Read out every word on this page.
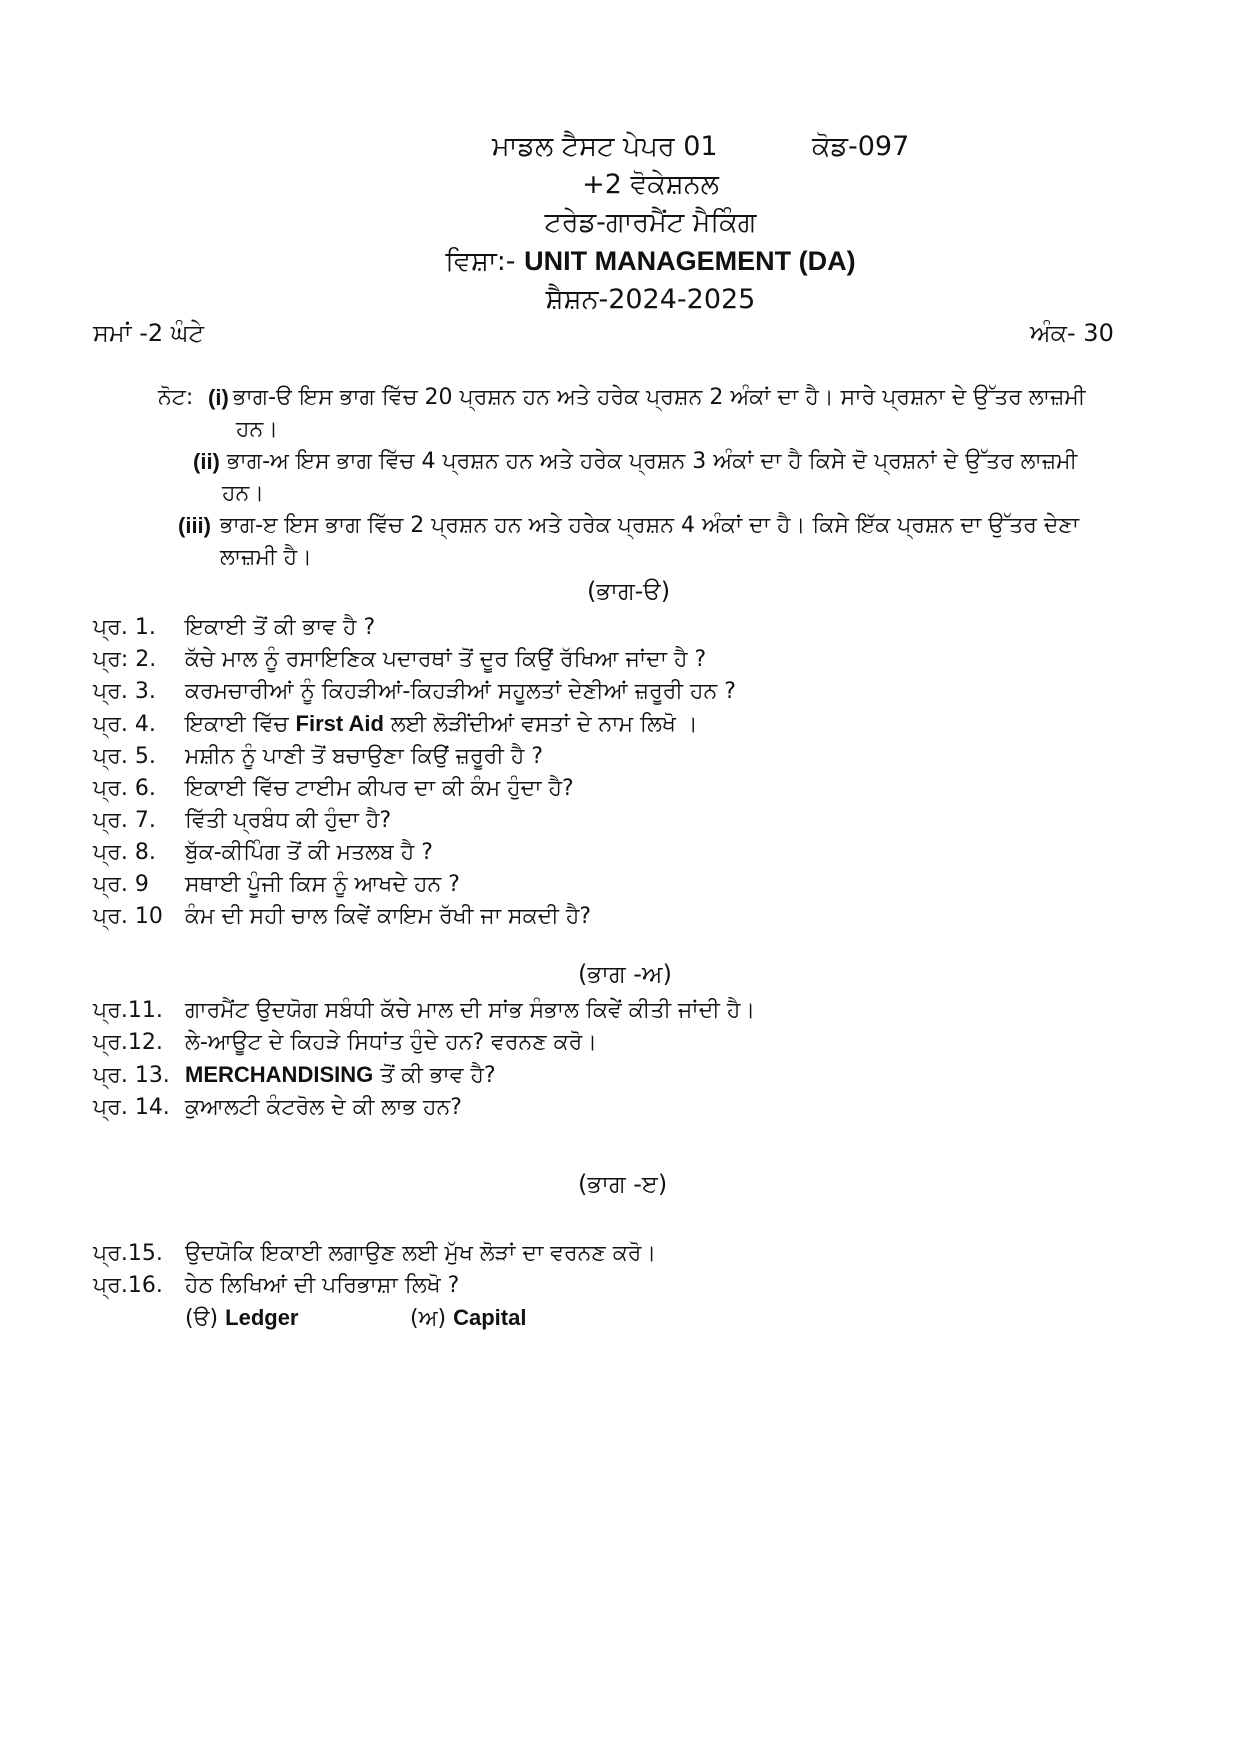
ਮਾਡਲ ਟੈਸਟ ਪੇਪਰ 01	ਕੋਡ-097
+2 ਵੋਕੇਸ਼ਨਲ
ਟਰੇਡ-ਗਾਰਮੈਂਟ ਮੈਕਿੰਗ
ਵਿਸ਼ਾ:- UNIT MANAGEMENT (DA)
ਸ਼ੈਸ਼ਨ-2024-2025
ਸਮਾਂ -2 ਘੰਟੇ	ਅੰਕ- 30
ਨੋਟ: (i) ਭਾਗ-ੳ ਇਸ ਭਾਗ ਵਿੱਚ 20 ਪ੍ਰਸ਼ਨ ਹਨ ਅਤੇ ਹਰੇਕ ਪ੍ਰਸ਼ਨ 2 ਅੰਕਾਂ ਦਾ ਹੈ। ਸਾਰੇ ਪ੍ਰਸ਼ਨਾ ਦੇ ਉੱਤਰ ਲਾਜ਼ਮੀ
ਹਨ।
(ii) ਭਾਗ-ਅ ਇਸ ਭਾਗ ਵਿੱਚ 4 ਪ੍ਰਸ਼ਨ ਹਨ ਅਤੇ ਹਰੇਕ ਪ੍ਰਸ਼ਨ 3 ਅੰਕਾਂ ਦਾ ਹੈ ਕਿਸੇ ਦੋ ਪ੍ਰਸ਼ਨਾਂ ਦੇ ਉੱਤਰ ਲਾਜ਼ਮੀ
ਹਨ।
(iii) ਭਾਗ-ੲ ਇਸ ਭਾਗ ਵਿੱਚ 2 ਪ੍ਰਸ਼ਨ ਹਨ ਅਤੇ ਹਰੇਕ ਪ੍ਰਸ਼ਨ 4 ਅੰਕਾਂ ਦਾ ਹੈ। ਕਿਸੇ ਇੱਕ ਪ੍ਰਸ਼ਨ ਦਾ ਉੱਤਰ ਦੇਣਾ
ਲਾਜ਼ਮੀ ਹੈ।
(ਭਾਗ-ੳ)
ਪ੍ਰ. 1. ਇਕਾਈ ਤੋਂ ਕੀ ਭਾਵ ਹੈ ?
ਪ੍ਰ: 2. ਕੱਚੇ ਮਾਲ ਨੂੰ ਰਸਾਇਣਿਕ ਪਦਾਰਥਾਂ ਤੋਂ ਦੂਰ ਕਿਉਂ ਰੱਖਿਆ ਜਾਂਦਾ ਹੈ ?
ਪ੍ਰ. 3. ਕਰਮਚਾਰੀਆਂ ਨੂੰ ਕਿਹੜੀਆਂ-ਕਿਹੜੀਆਂ ਸਹੂਲਤਾਂ ਦੇਣੀਆਂ ਜ਼ਰੂਰੀ ਹਨ ?
ਪ੍ਰ. 4. ਇਕਾਈ ਵਿੱਚ First Aid ਲਈ ਲੋੜੀਂਦੀਆਂ ਵਸਤਾਂ ਦੇ ਨਾਮ ਲਿਖੋ ।
ਪ੍ਰ. 5. ਮਸ਼ੀਨ ਨੂੰ ਪਾਣੀ ਤੋਂ ਬਚਾਉਣਾ ਕਿਉਂ ਜ਼ਰੂਰੀ ਹੈ ?
ਪ੍ਰ. 6. ਇਕਾਈ ਵਿੱਚ ਟਾਈਮ ਕੀਪਰ ਦਾ ਕੀ ਕੰਮ ਹੁੰਦਾ ਹੈ?
ਪ੍ਰ. 7. ਵਿੱਤੀ ਪ੍ਰਬੰਧ ਕੀ ਹੁੰਦਾ ਹੈ?
ਪ੍ਰ. 8. ਬੁੱਕ-ਕੀਪਿੰਗ ਤੋਂ ਕੀ ਮਤਲਬ ਹੈ ?
ਪ੍ਰ. 9 ਸਥਾਈ ਪੂੰਜੀ ਕਿਸ ਨੂੰ ਆਖਦੇ ਹਨ ?
ਪ੍ਰ. 10 ਕੰਮ ਦੀ ਸਹੀ ਚਾਲ ਕਿਵੇਂ ਕਾਇਮ ਰੱਖੀ ਜਾ ਸਕਦੀ ਹੈ?
(ਭਾਗ -ਅ)
ਪ੍ਰ.11. ਗਾਰਮੈਂਟ ਉਦਯੋਗ ਸਬੰਧੀ ਕੱਚੇ ਮਾਲ ਦੀ ਸਾਂਭ ਸੰਭਾਲ ਕਿਵੇਂ ਕੀਤੀ ਜਾਂਦੀ ਹੈ।
ਪ੍ਰ.12. ਲੇ-ਆਊਟ ਦੇ ਕਿਹੜੇ ਸਿਧਾਂਤ ਹੁੰਦੇ ਹਨ? ਵਰਨਣ ਕਰੋ।
ਪ੍ਰ. 13. MERCHANDISING ਤੋਂ ਕੀ ਭਾਵ ਹੈ?
ਪ੍ਰ. 14. ਕੁਆਲਟੀ ਕੰਟਰੋਲ ਦੇ ਕੀ ਲਾਭ ਹਨ?
(ਭਾਗ -ੲ)
ਪ੍ਰ.15. ਉਦਯੋਕਿ ਇਕਾਈ ਲਗਾਉਣ ਲਈ ਮੁੱਖ ਲੋੜਾਂ ਦਾ ਵਰਨਣ ਕਰੋ।
ਪ੍ਰ.16. ਹੇਠ ਲਿਖਿਆਂ ਦੀ ਪਰਿਭਾਸ਼ਾ ਲਿਖੋ ?
(ੳ) Ledger	(ਅ) Capital
